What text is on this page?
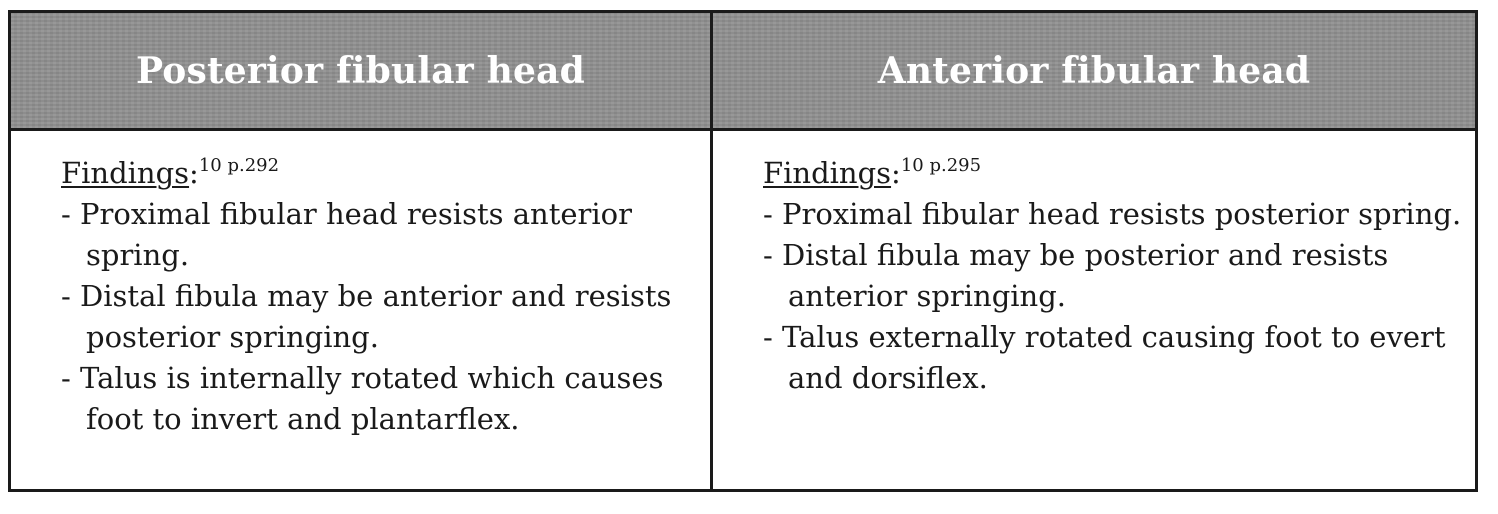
Posterior fibular head	Anterior fibular head
Findings:$^{10 p.292}$
- Proximal fibular head resists anterior spring.
- Distal fibula may be anterior and resists posterior springing.
- Talus is internally rotated which causes foot to invert and plantarflex.
Findings:$^{10 p.295}$
- Proximal fibular head resists posterior spring.
- Distal fibula may be posterior and resists anterior springing.
- Talus externally rotated causing foot to evert and dorsiflex.
